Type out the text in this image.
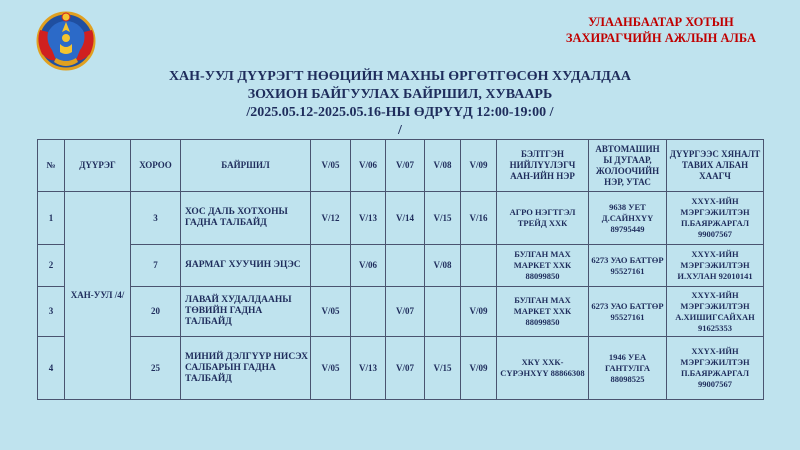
УЛААНБААТАР ХОТЫН
ЗАХИРАГЧИЙН АЖЛЫН АЛБА
ХАН-УУЛ ДҮҮРЭГТ НӨӨЦИЙН МАХНЫ ӨРГӨТГӨСӨН ХУДАЛДАА
ЗОХИОН БАЙГУУЛАХ БАЙРШИЛ, ХУВААРЬ
/2025.05.12-2025.05.16-НЫ ӨДРҮҮД 12:00-19:00 /
/
№	ДҮҮРЭГ	ХОРОО	БАЙРШИЛ	V/05	V/06	V/07	V/08	V/09	БЭЛТГЭН НИЙЛҮҮЛЭГЧ ААН-ИЙН НЭР	АВТОМАШИН Ы ДУГААР, ЖОЛООЧИЙН НЭР, УТАС	ДҮҮРГЭЭС ХЯНАЛТ ТАВИХ АЛБАН ХААГЧ
1	ХАН-УУЛ /4/	3	ХОС ДАЛЬ ХОТХОНЫ ГАДНА ТАЛБАЙД	V/12	V/13	V/14	V/15	V/16	АГРО НЭГТГЭЛ ТРЕЙД ХХК	9638 УЕТ Д.САЙНХҮҮ 89795449	ХХҮХ-ИЙН МЭРГЭЖИЛТЭН П.БАЯРЖАРГАЛ 99007567
2		7	ЯАРМАГ ХУУЧИН ЭЦЭС		V/06		V/08		БУЛГАН МАХ МАРКЕТ ХХК 88099850	6273 УАО БАТТӨР 95527161	ХХҮХ-ИЙН МЭРГЭЖИЛТЭН И.ХУЛАН 92010141
3		20	ЛАВАЙ ХУДАЛДААНЫ ТӨВИЙН ГАДНА ТАЛБАЙД	V/05		V/07		V/09	БУЛГАН МАХ МАРКЕТ ХХК 88099850	6273 УАО БАТТӨР 95527161	ХХҮХ-ИЙН МЭРГЭЖИЛТЭН А.ХИШИГСАЙХАН 91625353
4		25	МИНИЙ ДЭЛГҮҮР НИСЭХ САЛБАРЫН ГАДНА ТАЛБАЙД	V/05	V/13	V/07	V/15	V/09	ХКҮ ХХК-СҮРЭНХҮҮ 88866308	1946 УЕА ГАНТУЛГА 88098525	ХХҮХ-ИЙН МЭРГЭЖИЛТЭН П.БАЯРЖАРГАЛ 99007567
